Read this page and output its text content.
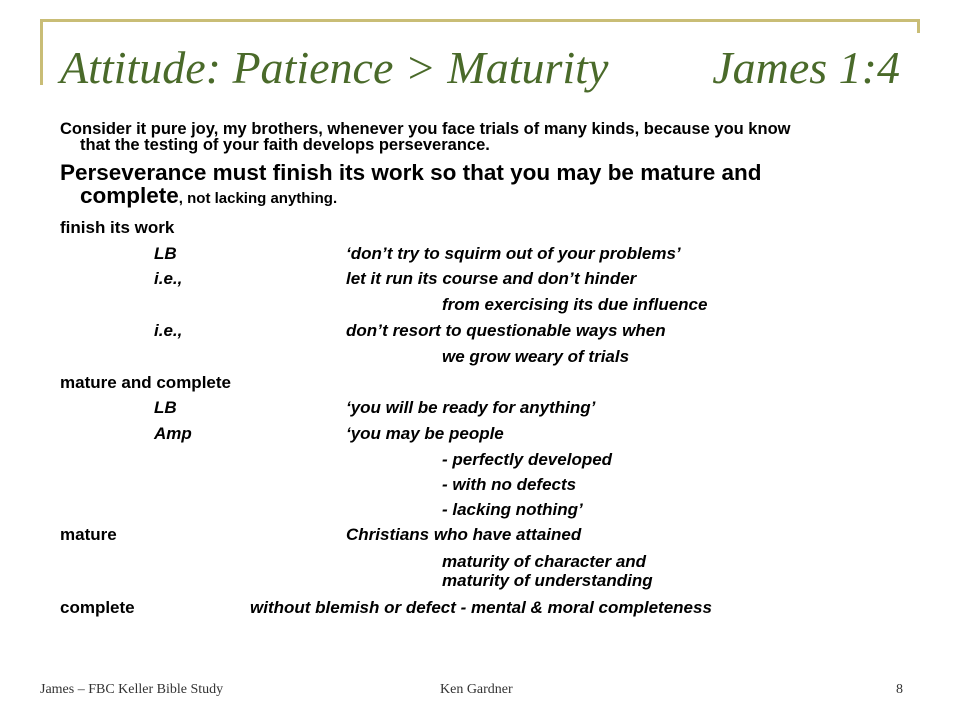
Attitude: Patience > Maturity James 1:4
Consider it pure joy, my brothers, whenever you face trials of many kinds, because you know
that the testing of your faith develops perseverance.
Perseverance must finish its work so that you may be mature and
complete, not lacking anything.
finish its work
LB	‘don’t try to squirm out of your problems’
i.e.,	let it run its course and don’t hinder
from exercising its due influence
i.e.,	don’t resort to questionable ways when
we grow weary of trials
mature and complete
LB	‘you will be ready for anything’
Amp	‘you may be people
- perfectly developed
- with no defects
- lacking nothing’
mature	Christians who have attained
maturity of character and
maturity of understanding
complete	without blemish or defect - mental & moral completeness
James – FBC Keller Bible Study	Ken Gardner	8
